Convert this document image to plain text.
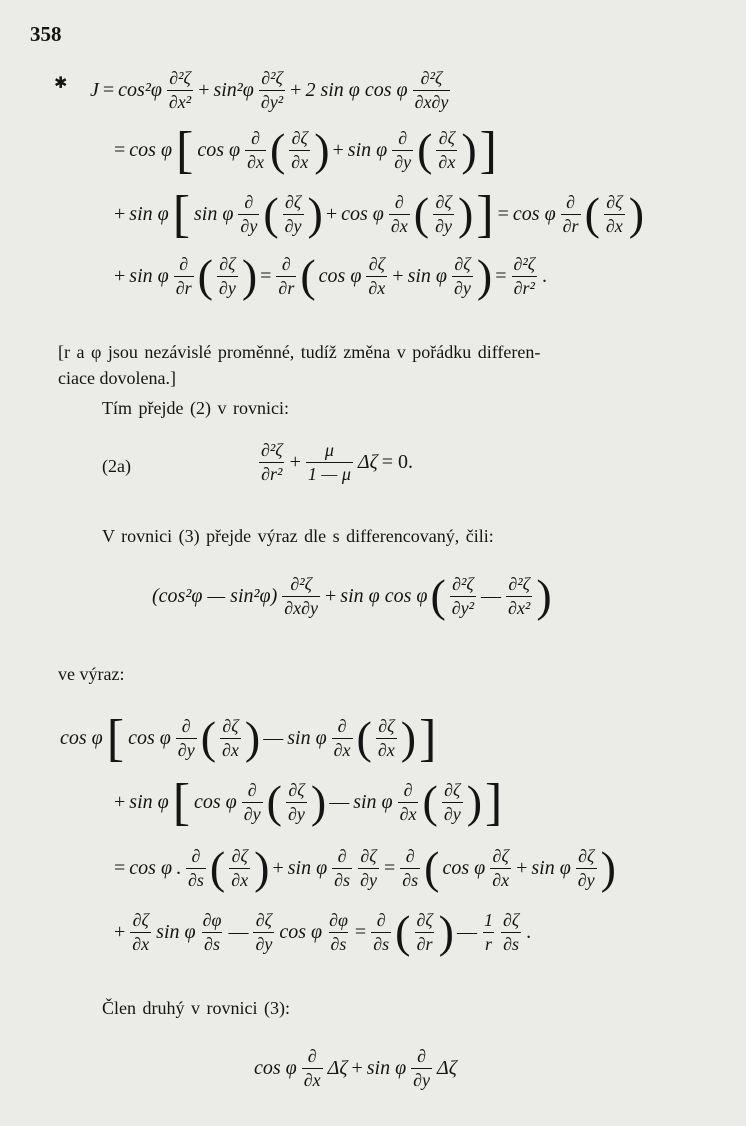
358
✱ $J = \cos^2\varphi \frac{\text{∂²ζ}}{\text{∂x²}} + \sin^2\varphi \frac{\text{∂²ζ}}{\text{∂y²}} + 2$ sin φ cos φ $\frac{\text{∂²ζ}}{\partial x\partial y}$
= cos φ [ cos φ
∂
∂x ( $\frac{\partial\zeta}{\partial x}$ ) + sin φ
∂
∂y ( $\frac{\partial\zeta}{\partial x}$ ) ]
+ sin φ [ sin φ
∂
∂y ( $\frac{\partial\zeta}{\partial y}$ ) + cos φ
∂
∂x ( $\frac{\partial\zeta}{\partial y}$ ) ] = cos φ
∂
∂r ( $\frac{\partial\zeta}{\partial x}$ )
+ sin φ
∂
∂r ( $\frac{\partial\zeta}{\partial y}$ ) =
∂
∂r ( cos φ $\frac{\partial\zeta}{\partial x} + \sin \varphi \frac{\partial\zeta}{\partial y}$ ) = $\frac{\text{∂²ζ}}{\text{∂r²}}$ .
[r a φ jsou nezávislé proměnné, tudíž změna v pořádku differen-
ciace dovolena.]
Tím přejde (2) v rovnici:
(2a)	$\frac{\text{∂²ζ}}{\text{∂r²}} + \frac{\mu}{1 — \mu}$ Δζ = 0.
V rovnici (3) přejde výraz dle s differencovaný, čili:
(cos²φ — $\sin^2\varphi) \frac{\text{∂²ζ}}{\partial x\partial y} + \sin \varphi$ cos φ ( $\frac{\text{∂²ζ}}{\text{∂y²}}$ — $\frac{\text{∂²ζ}}{\text{∂x²}}$ )
ve výraz:
cos φ [ cos φ
∂
∂y ( $\frac{\partial\zeta}{\partial x}$ ) — sin φ
∂
∂x ( $\frac{\partial\zeta}{\partial x}$ ) ]
+ sin φ [ cos φ
∂
∂y ( $\frac{\partial\zeta}{\partial y}$ ) — sin φ
∂
∂x ( $\frac{\partial\zeta}{\partial y}$ ) ]
= cos φ .
∂
∂s ( $\frac{\partial\zeta}{\partial x}$ ) + sin φ
∂
$\partial s \frac{\partial\zeta}{\partial y}$ =
∂
∂s ( cos φ $\frac{\partial\zeta}{\partial x} + \sin \varphi \frac{\partial\zeta}{\partial y}$ )
+ $\frac{\partial\zeta}{\partial x}$ sin φ $\frac{\partial\varphi}{\partial s}$ — $\frac{\partial\zeta}{\partial y}$ cos φ $\frac{\partial\varphi}{\partial s}$ =
∂
∂s ( $\frac{\partial\zeta}{\partial r}$ ) — $\frac{1}{r} \frac{\partial\zeta}{\partial s}$ .
Člen druhý v rovnici (3):
cos φ
∂
∂x
Δζ + sin φ
∂
∂y
Δζ
